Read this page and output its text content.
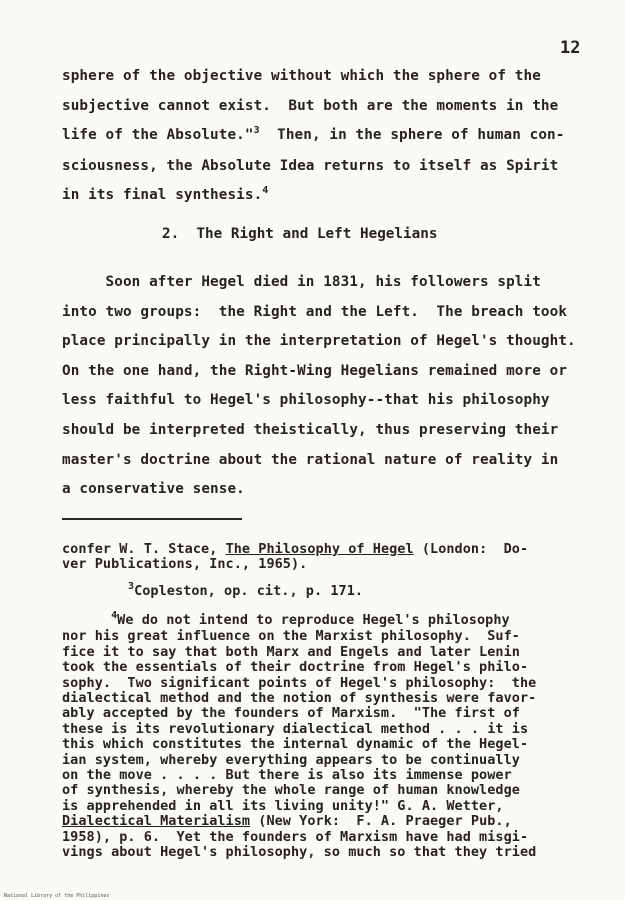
12
sphere of the objective without which the sphere of the
subjective cannot exist.  But both are the moments in the
life of the Absolute."$^3$  Then, in the sphere of human con-
sciousness, the Absolute Idea returns to itself as Spirit
in its final synthesis.$^4$
2. The Right and Left Hegelians
Soon after Hegel died in 1831, his followers split
into two groups:  the Right and the Left.  The breach took
place principally in the interpretation of Hegel's thought.
On the one hand, the Right-Wing Hegelians remained more or
less faithful to Hegel's philosophy--that his philosophy
should be interpreted theistically, thus preserving their
master's doctrine about the rational nature of reality in
a conservative sense.
confer W. T. Stace, The Philosophy of Hegel (London:  Do-
ver Publications, Inc., 1965).
$^3$Copleston, op. cit., p. 171.
$^4$We do not intend to reproduce Hegel's philosophy
nor his great influence on the Marxist philosophy.  Suf-
fice it to say that both Marx and Engels and later Lenin
took the essentials of their doctrine from Hegel's philo-
sophy.  Two significant points of Hegel's philosophy:  the
dialectical method and the notion of synthesis were favor-
ably accepted by the founders of Marxism.  "The first of
these is its revolutionary dialectical method . . . it is
this which constitutes the internal dynamic of the Hegel-
ian system, whereby everything appears to be continually
on the move . . . . But there is also its immense power
of synthesis, whereby the whole range of human knowledge
is apprehended in all its living unity!" G. A. Wetter,
Dialectical Materialism (New York:  F. A. Praeger Pub.,
1958), p. 6.  Yet the founders of Marxism have had misgi-
vings about Hegel's philosophy, so much so that they tried
National Library of the Philippines
